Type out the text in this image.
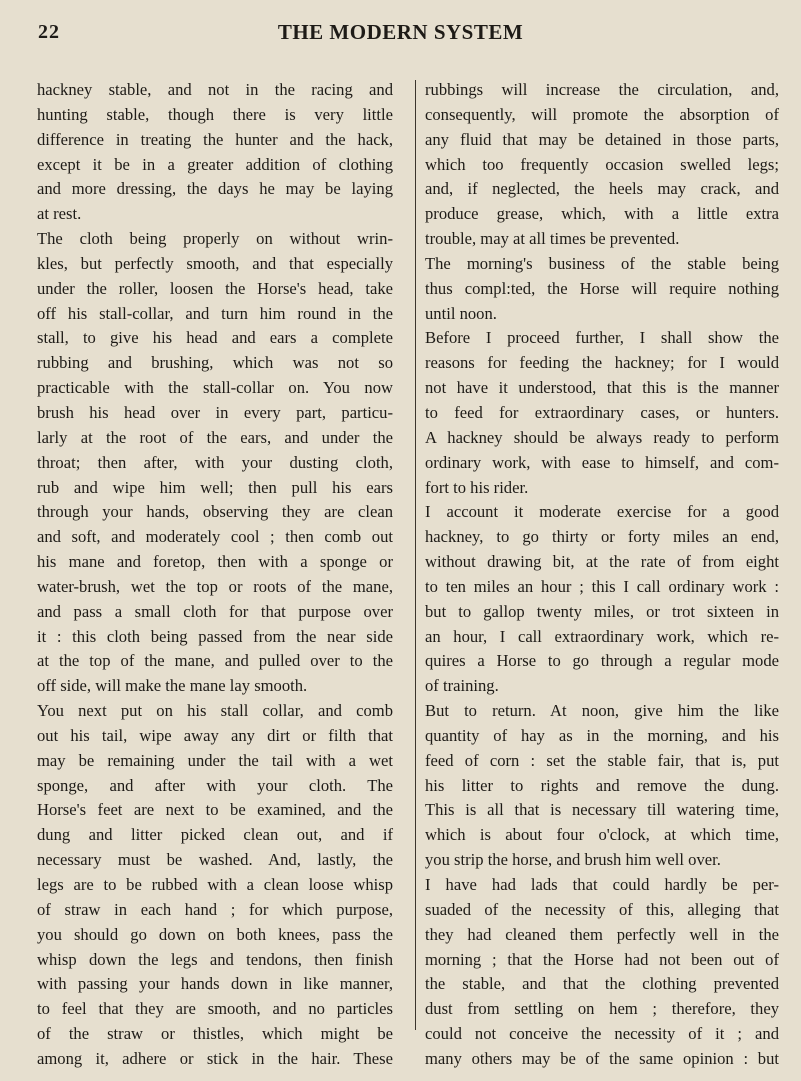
22	THE MODERN SYSTEM
hackney stable, and not in the racing and
hunting stable, though there is very little
difference in treating the hunter and the hack,
except it be in a greater addition of clothing
and more dressing, the days he may be laying
at rest.
The cloth being properly on without wrin-
kles, but perfectly smooth, and that especially
under the roller, loosen the Horse's head, take
off his stall-collar, and turn him round in the
stall, to give his head and ears a complete
rubbing and brushing, which was not so
practicable with the stall-collar on. You now
brush his head over in every part, particu-
larly at the root of the ears, and under the
throat; then after, with your dusting cloth,
rub and wipe him well; then pull his ears
through your hands, observing they are clean
and soft, and moderately cool ; then comb out
his mane and foretop, then with a sponge or
water-brush, wet the top or roots of the mane,
and pass a small cloth for that purpose over
it : this cloth being passed from the near side
at the top of the mane, and pulled over to the
off side, will make the mane lay smooth.
You next put on his stall collar, and comb
out his tail, wipe away any dirt or filth that
may be remaining under the tail with a wet
sponge, and after with your cloth. The
Horse's feet are next to be examined, and the
dung and litter picked clean out, and if
necessary must be washed. And, lastly, the
legs are to be rubbed with a clean loose whisp
of straw in each hand ; for which purpose,
you should go down on both knees, pass the
whisp down the legs and tendons, then finish
with passing your hands down in like manner,
to feel that they are smooth, and no particles
of the straw or thistles, which might be
among it, adhere or stick in the hair. These
rubbings will increase the circulation, and,
consequently, will promote the absorption of
any fluid that may be detained in those parts,
which too frequently occasion swelled legs;
and, if neglected, the heels may crack, and
produce grease, which, with a little extra
trouble, may at all times be prevented.
The morning's business of the stable being
thus compl:ted, the Horse will require nothing
until noon.
Before I proceed further, I shall show the
reasons for feeding the hackney; for I would
not have it understood, that this is the manner
to feed for extraordinary cases, or hunters.
A hackney should be always ready to perform
ordinary work, with ease to himself, and com-
fort to his rider.
I account it moderate exercise for a good
hackney, to go thirty or forty miles an end,
without drawing bit, at the rate of from eight
to ten miles an hour ; this I call ordinary work :
but to gallop twenty miles, or trot sixteen in
an hour, I call extraordinary work, which re-
quires a Horse to go through a regular mode
of training.
But to return. At noon, give him the like
quantity of hay as in the morning, and his
feed of corn : set the stable fair, that is, put
his litter to rights and remove the dung.
This is all that is necessary till watering time,
which is about four o'clock, at which time,
you strip the horse, and brush him well over.
I have had lads that could hardly be per-
suaded of the necessity of this, alleging that
they had cleaned them perfectly well in the
morning ; that the Horse had not been out of
the stable, and that the clothing prevented
dust from settling on hem ; therefore, they
could not conceive the necessity of it ; and
many others may be of the same opinion : but
